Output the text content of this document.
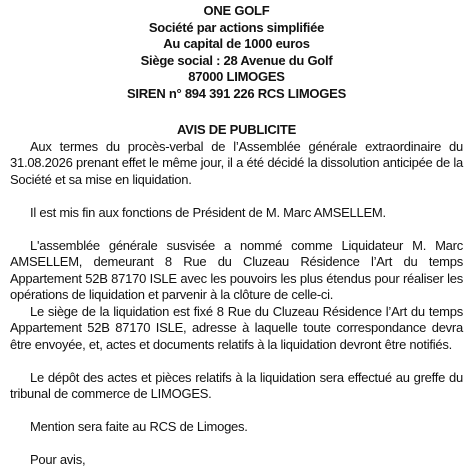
ONE GOLF
Société par actions simplifiée
Au capital de 1000 euros
Siège social : 28 Avenue du Golf
87000 LIMOGES
SIREN n° 894 391 226 RCS LIMOGES
AVIS DE PUBLICITE

Aux termes du procès-verbal de l’Assemblée générale extraordinaire du 31.08.2026 prenant effet le même jour, il a été décidé la dissolution anticipée de la Société et sa mise en liquidation.

Il est mis fin aux fonctions de Président de M. Marc AMSELLEM.

L'assemblée générale susvisée a nommé comme Liquidateur M. Marc AMSELLEM, demeurant 8 Rue du Cluzeau Résidence l’Art du temps Appartement 52B 87170 ISLE avec les pouvoirs les plus étendus pour réaliser les opérations de liquidation et parvenir à la clôture de celle-ci.

Le siège de la liquidation est fixé 8 Rue du Cluzeau Résidence l’Art du temps Appartement 52B 87170 ISLE, adresse à laquelle toute correspondance devra être envoyée, et, actes et documents relatifs à la liquidation devront être notifiés.

Le dépôt des actes et pièces relatifs à la liquidation sera effectué au greffe du tribunal de commerce de LIMOGES.

Mention sera faite au RCS de Limoges.

Pour avis,
